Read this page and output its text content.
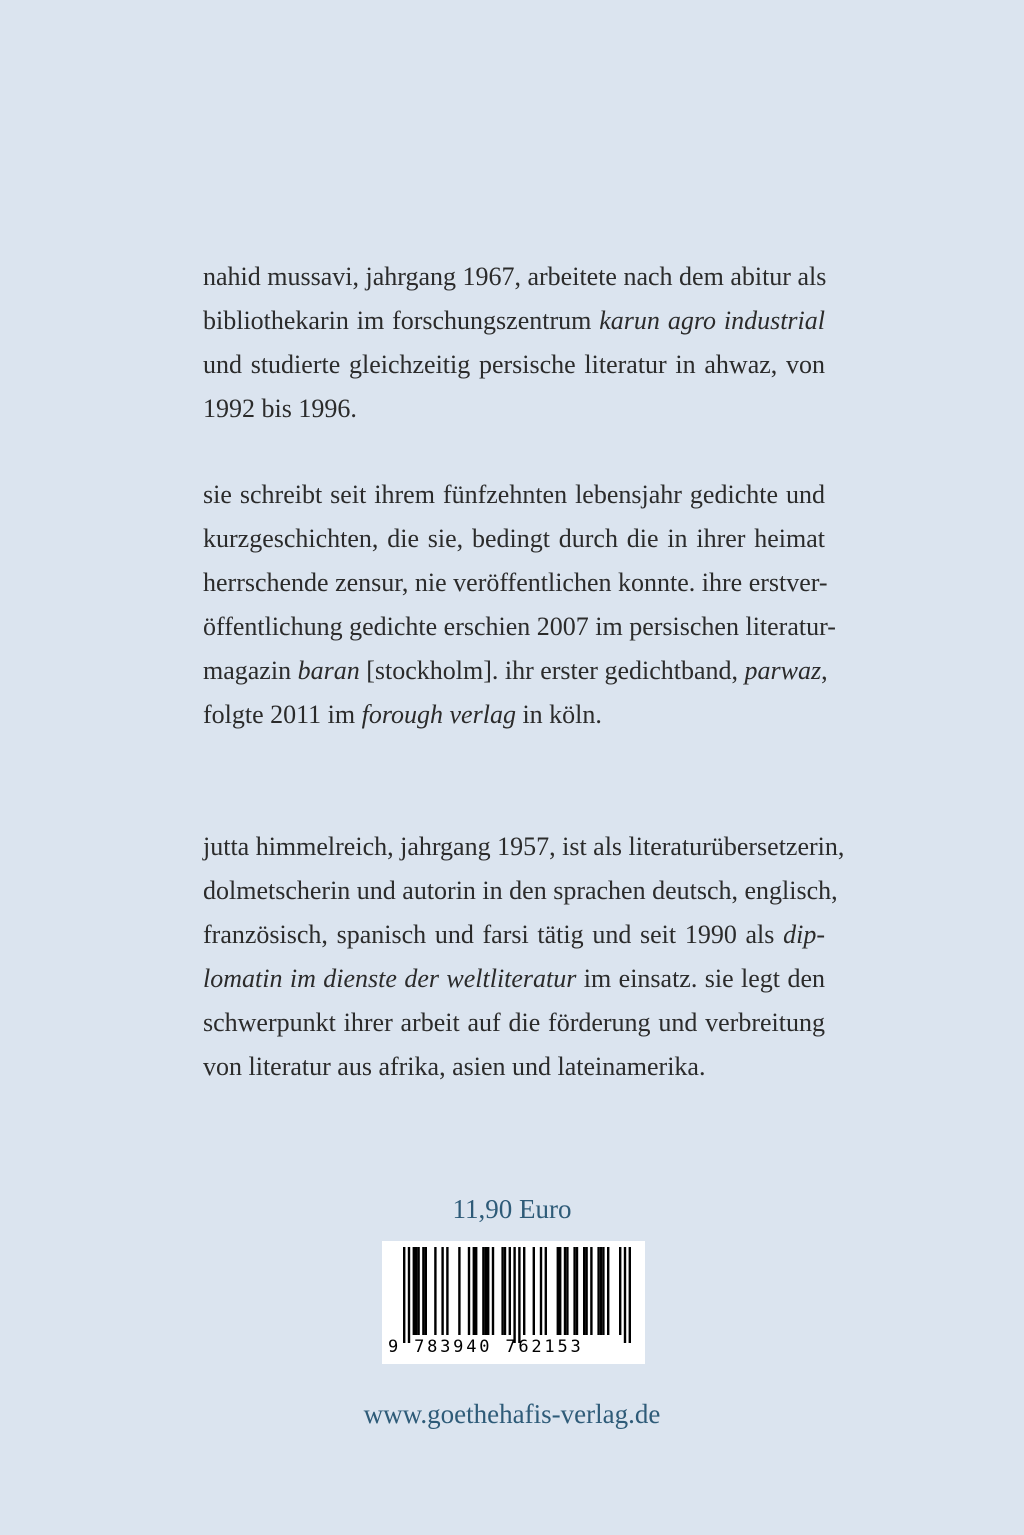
nahid mussavi, jahrgang 1967, arbeitete nach dem abitur als
bibliothekarin im forschungszentrum karun agro industrial
und studierte gleichzeitig persische literatur in ahwaz, von
1992 bis 1996.
sie schreibt seit ihrem fünfzehnten lebensjahr gedichte und
kurzgeschichten, die sie, bedingt durch die in ihrer heimat
herrschende zensur, nie veröffentlichen konnte. ihre erstver-
öffentlichung gedichte erschien 2007 im persischen literatur-
magazin baran [stockholm]. ihr erster gedichtband, parwaz,
folgte 2011 im forough verlag in köln.
jutta himmelreich, jahrgang 1957, ist als literaturübersetzerin,
dolmetscherin und autorin in den sprachen deutsch, englisch,
französisch, spanisch und farsi tätig und seit 1990 als dip-
lomatin im dienste der weltliteratur im einsatz. sie legt den
schwerpunkt ihrer arbeit auf die förderung und verbreitung
von literatur aus afrika, asien und lateinamerika.
11,90 Euro
9 783940 762153
www.goethehafis-verlag.de
